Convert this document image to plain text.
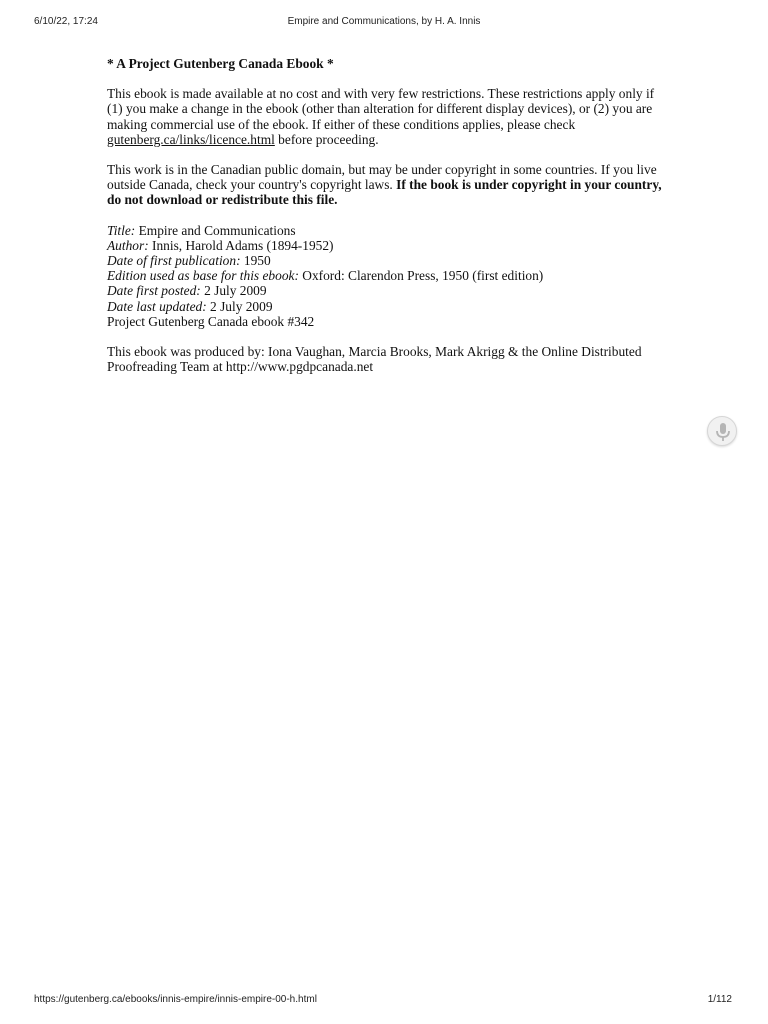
6/10/22, 17:24	Empire and Communications, by H. A. Innis

* A Project Gutenberg Canada Ebook *

This ebook is made available at no cost and with very few restrictions. These restrictions apply only if (1) you make a change in the ebook (other than alteration for different display devices), or (2) you are making commercial use of the ebook. If either of these conditions applies, please check gutenberg.ca/links/licence.html before proceeding.

This work is in the Canadian public domain, but may be under copyright in some countries. If you live outside Canada, check your country's copyright laws. If the book is under copyright in your country, do not download or redistribute this file.

Title: Empire and Communications
Author: Innis, Harold Adams (1894-1952)
Date of first publication: 1950
Edition used as base for this ebook: Oxford: Clarendon Press, 1950 (first edition)
Date first posted: 2 July 2009
Date last updated: 2 July 2009
Project Gutenberg Canada ebook #342

This ebook was produced by: Iona Vaughan, Marcia Brooks, Mark Akrigg & the Online Distributed Proofreading Team at http://www.pgdpcanada.net

https://gutenberg.ca/ebooks/innis-empire/innis-empire-00-h.html	1/112
